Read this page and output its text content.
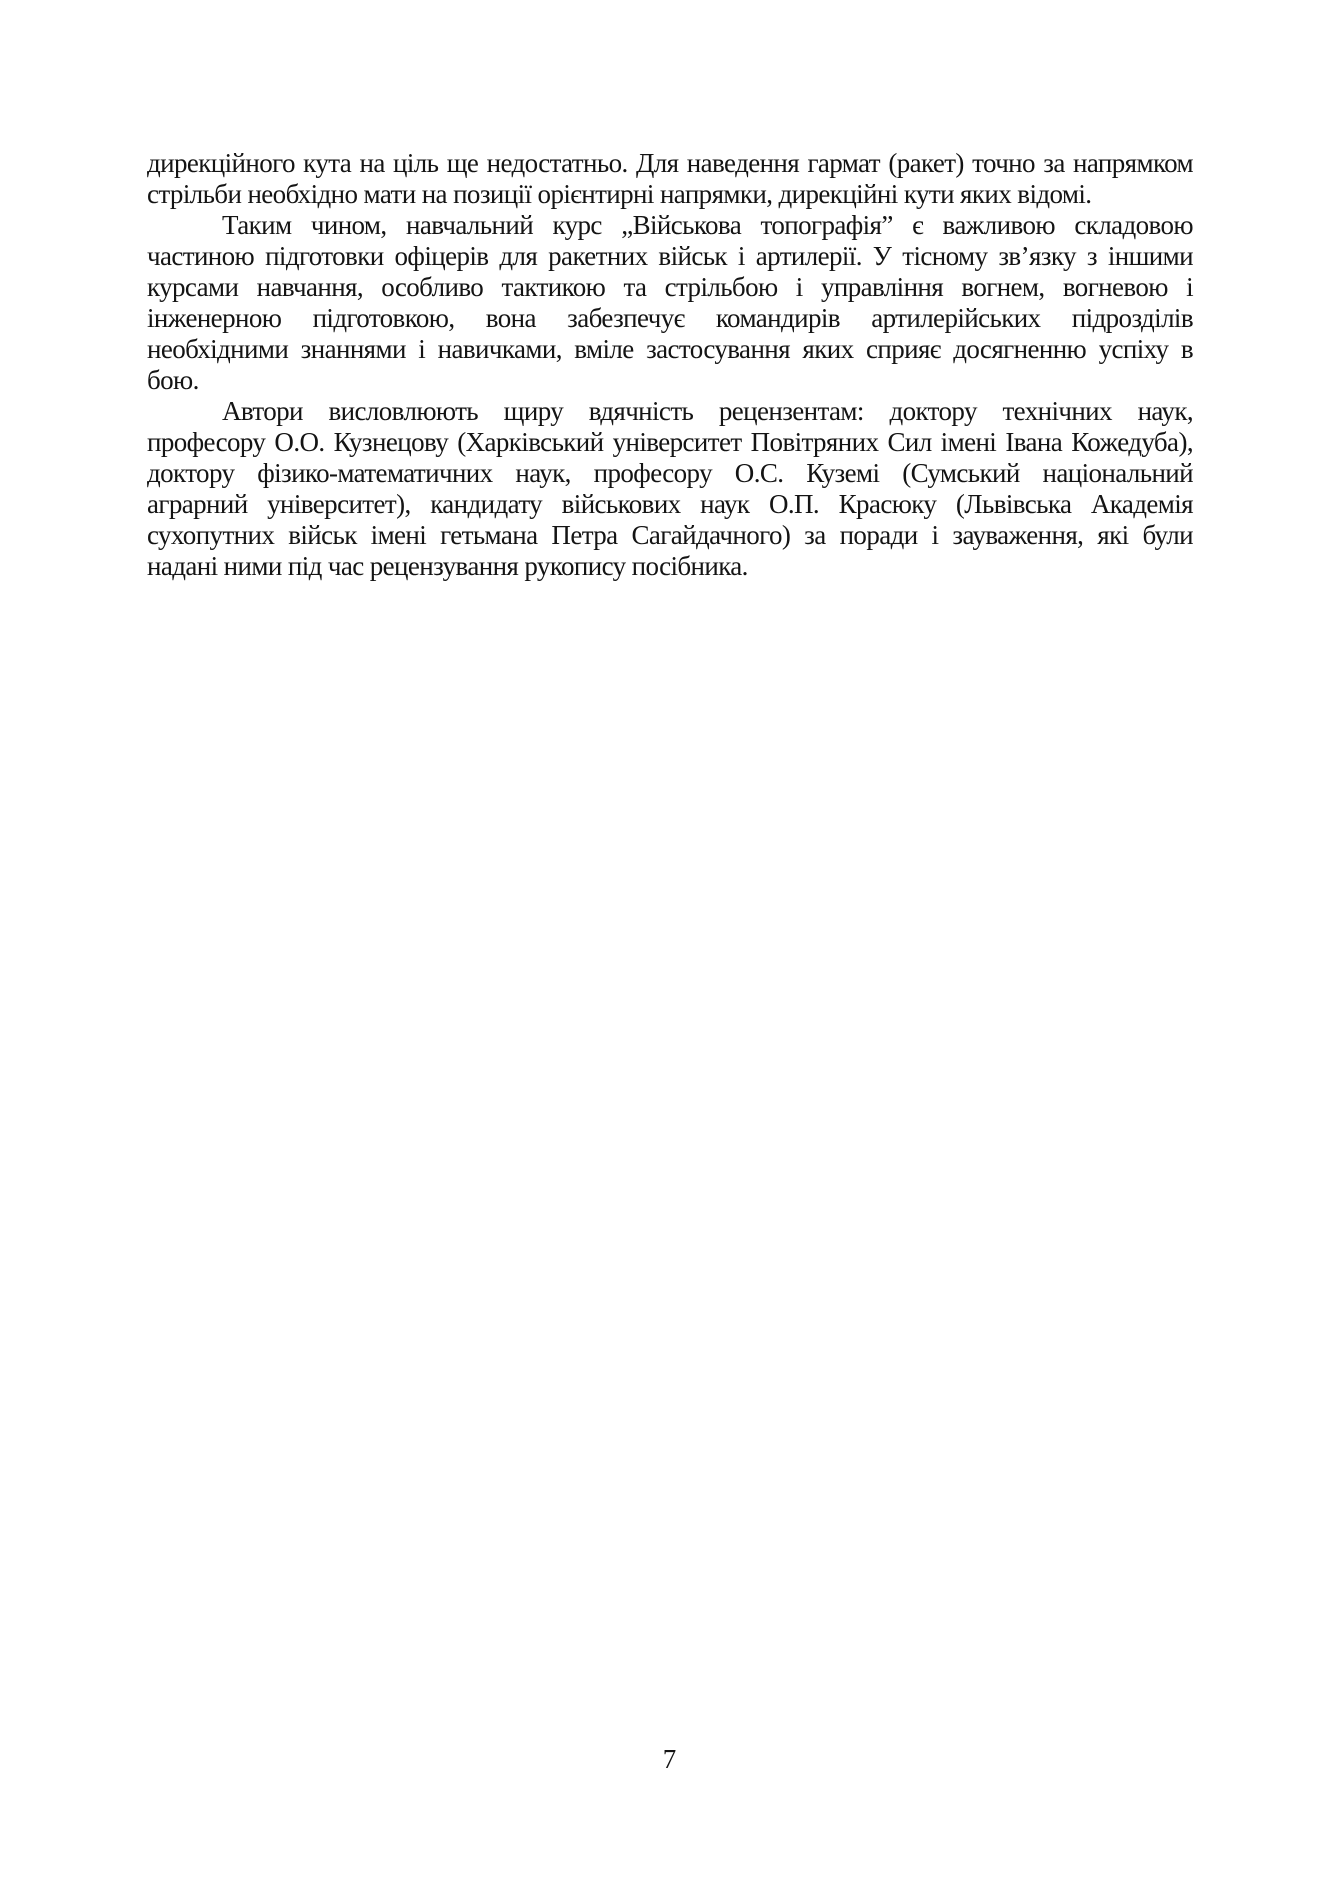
дирекційного кута на ціль ще недостатньо. Для наведення гармат (ракет) точно за напрямком
стрільби необхідно мати на позиції орієнтирні напрямки, дирекційні кути яких відомі.
Таким чином, навчальний курс „Військова топографія” є важливою складовою
частиною підготовки офіцерів для ракетних військ і артилерії. У тісному зв’язку з іншими
курсами навчання, особливо тактикою та стрільбою і управління вогнем, вогневою і
інженерною підготовкою, вона забезпечує командирів артилерійських підрозділів
необхідними знаннями і навичками, вміле застосування яких сприяє досягненню успіху в
бою.
Автори висловлюють щиру вдячність рецензентам: доктору технічних наук,
професору О.О. Кузнецову (Харківський університет Повітряних Сил імені Івана Кожедуба),
доктору фізико-математичних наук, професору О.С. Куземі (Сумський національний
аграрний університет), кандидату військових наук О.П. Красюку (Львівська Академія
сухопутних військ імені гетьмана Петра Сагайдачного) за поради і зауваження, які були
надані ними під час рецензування рукопису посібника.
7
